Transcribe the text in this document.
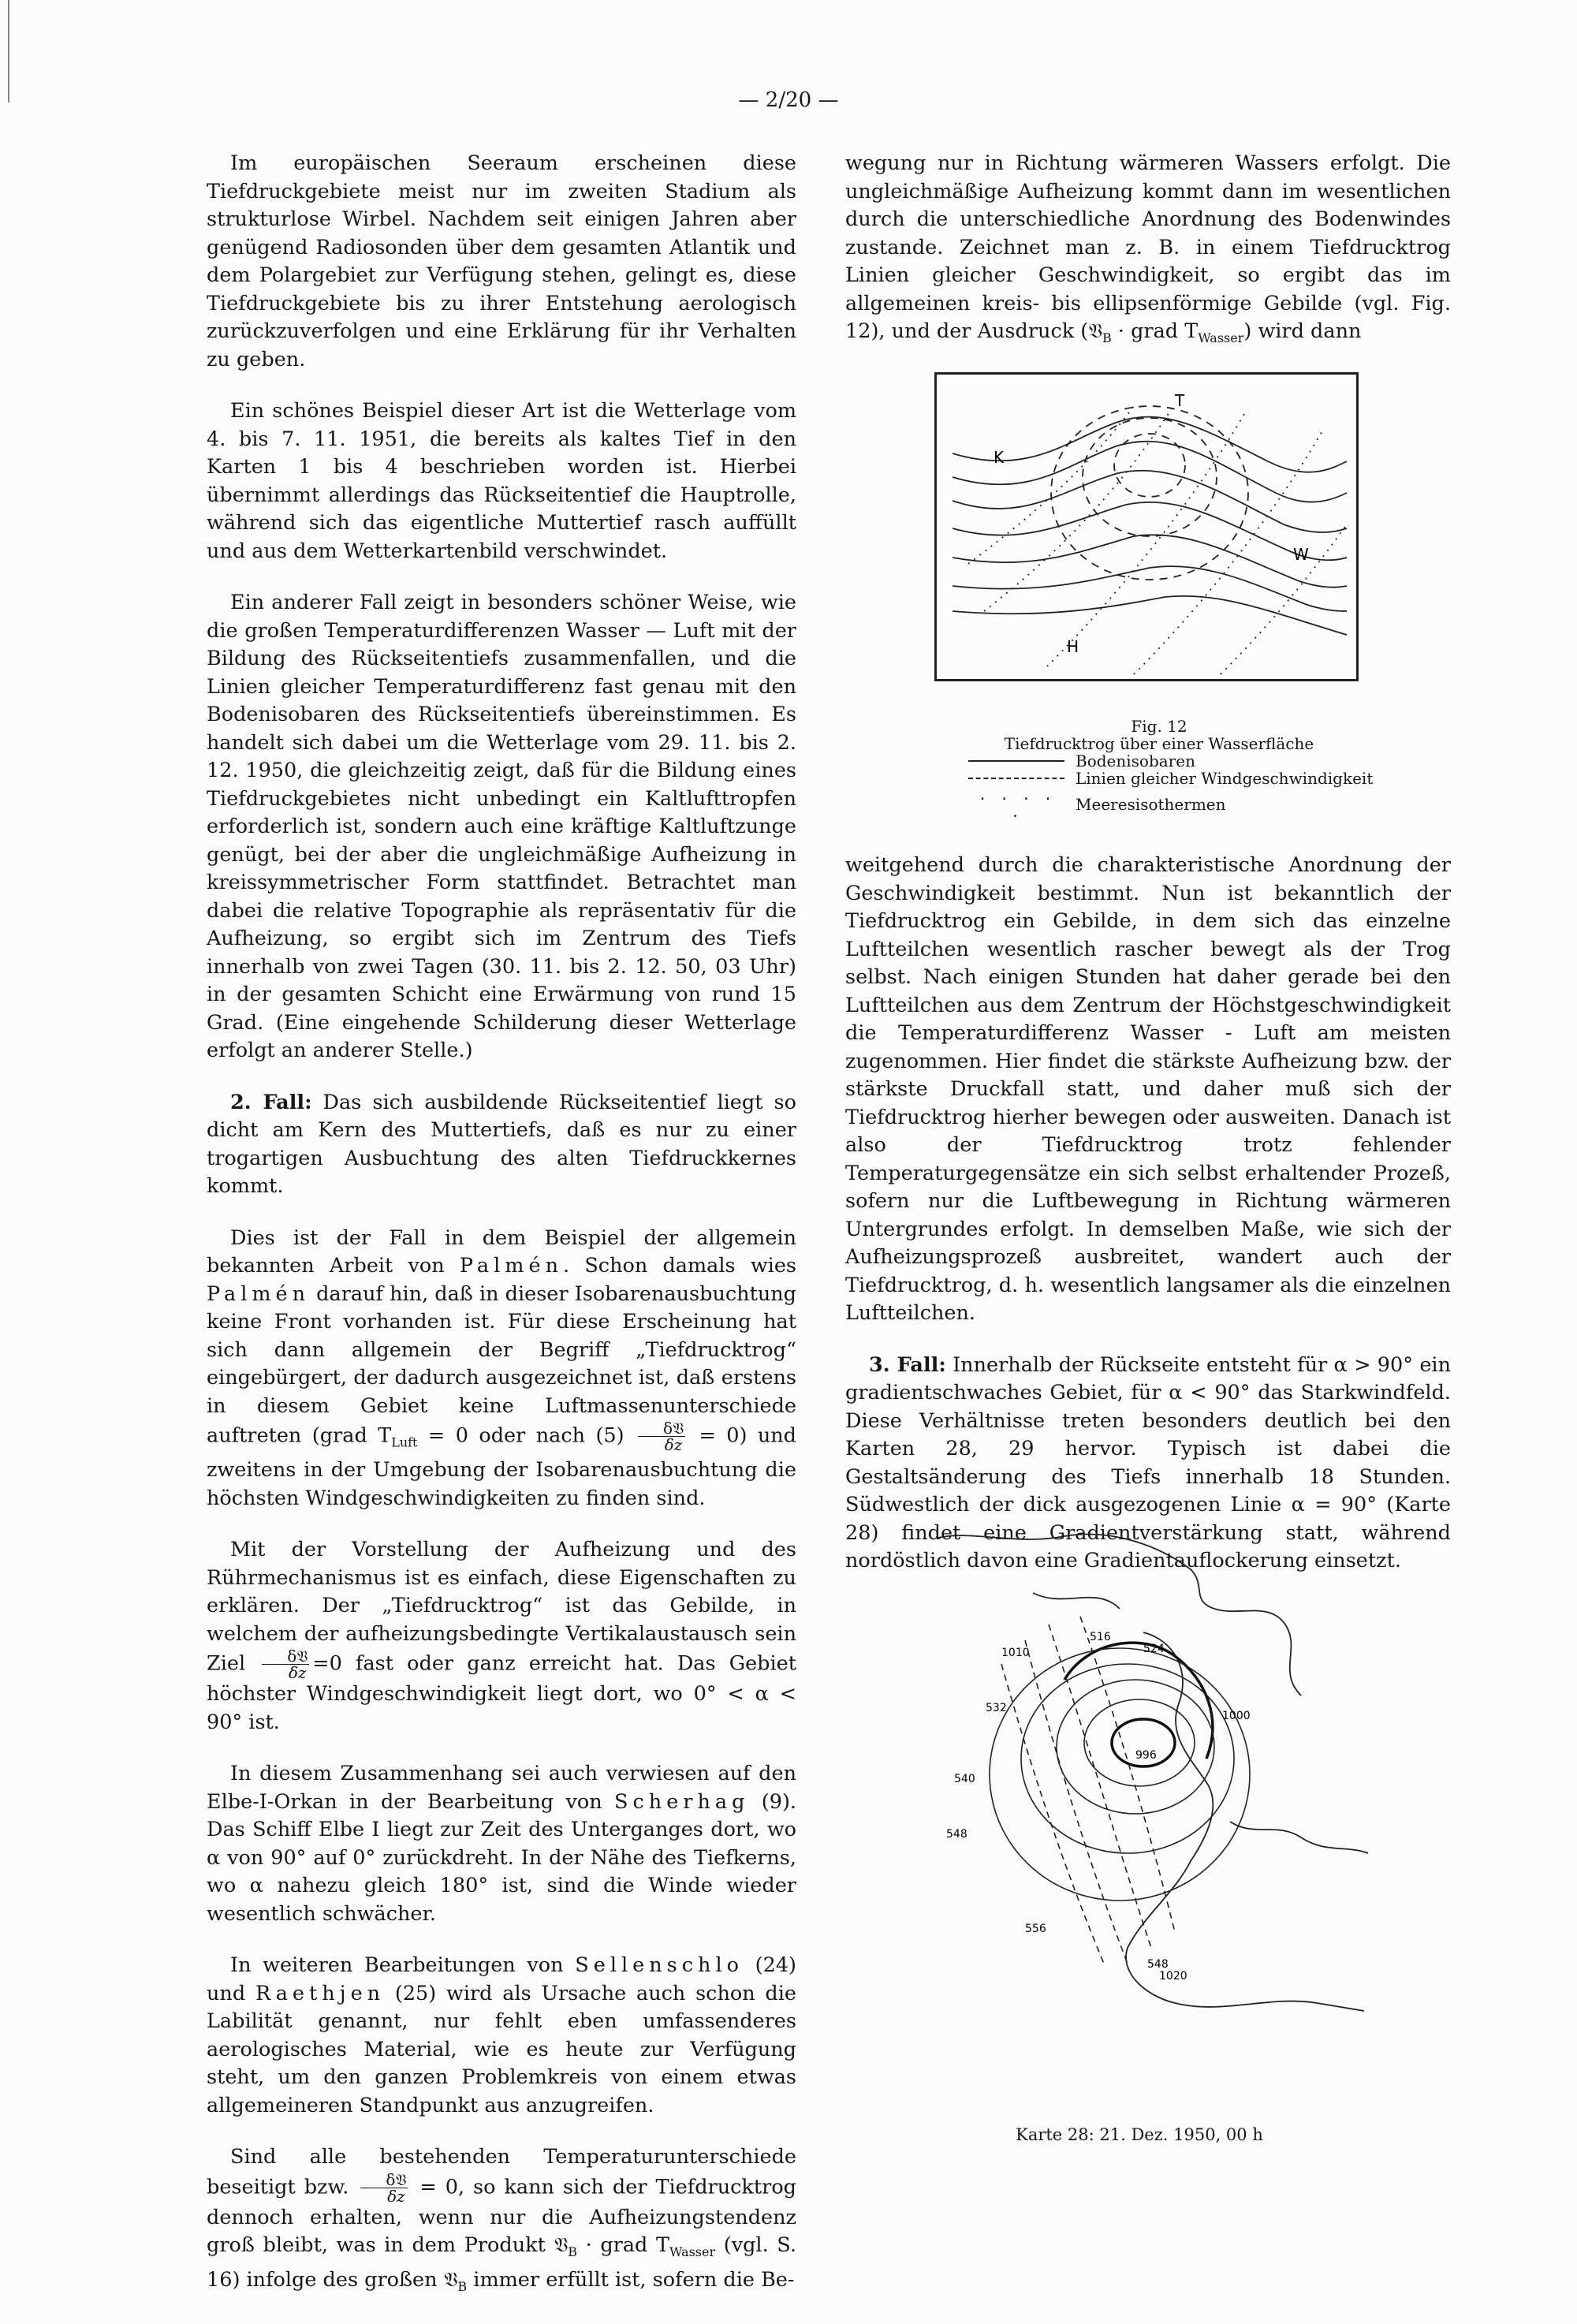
— 2/20 —

Im europäischen Seeraum erscheinen diese Tiefdruckgebiete meist nur im zweiten Stadium als strukturlose Wirbel. Nachdem seit einigen Jahren aber genügend Radiosonden über dem gesamten Atlantik und dem Polargebiet zur Verfügung stehen, gelingt es, diese Tiefdruckgebiete bis zu ihrer Entstehung aerologisch zurückzuverfolgen und eine Erklärung für ihr Verhalten zu geben.

Ein schönes Beispiel dieser Art ist die Wetterlage vom 4. bis 7. 11. 1951, die bereits als kaltes Tief in den Karten 1 bis 4 beschrieben worden ist. Hierbei übernimmt allerdings das Rückseitentief die Hauptrolle, während sich das eigentliche Muttertief rasch auffüllt und aus dem Wetterkartenbild verschwindet.

Ein anderer Fall zeigt in besonders schöner Weise, wie die großen Temperaturdifferenzen Wasser — Luft mit der Bildung des Rückseitentiefs zusammenfallen, und die Linien gleicher Temperaturdifferenz fast genau mit den Bodenisobaren des Rückseitentiefs übereinstimmen. Es handelt sich dabei um die Wetterlage vom 29. 11. bis 2. 12. 1950, die gleichzeitig zeigt, daß für die Bildung eines Tiefdruckgebietes nicht unbedingt ein Kaltlufttropfen erforderlich ist, sondern auch eine kräftige Kaltluftzunge genügt, bei der aber die ungleichmäßige Aufheizung in kreissymmetrischer Form stattfindet. Betrachtet man dabei die relative Topographie als repräsentativ für die Aufheizung, so ergibt sich im Zentrum des Tiefs innerhalb von zwei Tagen (30. 11. bis 2. 12. 50, 03 Uhr) in der gesamten Schicht eine Erwärmung von rund 15 Grad. (Eine eingehende Schilderung dieser Wetterlage erfolgt an anderer Stelle.)

2. Fall: Das sich ausbildende Rückseitentief liegt so dicht am Kern des Muttertiefs, daß es nur zu einer trogartigen Ausbuchtung des alten Tiefdruckkernes kommt.

Dies ist der Fall in dem Beispiel der allgemein bekannten Arbeit von Palmén. Schon damals wies Palmén darauf hin, daß in dieser Isobarenausbuchtung keine Front vorhanden ist. Für diese Erscheinung hat sich dann allgemein der Begriff „Tiefdrucktrog“ eingebürgert, der dadurch ausgezeichnet ist, daß erstens in diesem Gebiet keine Luftmassenunterschiede auftreten (grad $T_{Luft} = 0$ oder nach $(5) \frac{\text{δ𝔙}}{\delta z} = 0$) und zweitens in der Umgebung der Isobarenausbuchtung die höchsten Windgeschwindigkeiten zu finden sind.

Mit der Vorstellung der Aufheizung und des Rührmechanismus ist es einfach, diese Eigenschaften zu erklären. Der „Tiefdrucktrog“ ist das Gebilde, in welchem der aufheizungsbedingte Vertikalaustausch sein Ziel $\frac{\text{δ𝔙}}{\delta z} =0$ fast oder ganz erreicht hat. Das Gebiet höchster Windgeschwindigkeit liegt dort, wo 0° < α < 90° ist.

In diesem Zusammenhang sei auch verwiesen auf den Elbe-I-Orkan in der Bearbeitung von Scherhag (9). Das Schiff Elbe I liegt zur Zeit des Unterganges dort, wo α von 90° auf 0° zurückdreht. In der Nähe des Tiefkerns, wo α nahezu gleich 180° ist, sind die Winde wieder wesentlich schwächer.

In weiteren Bearbeitungen von Sellenschlo (24) und Raethjen (25) wird als Ursache auch schon die Labilität genannt, nur fehlt eben umfassenderes aerologisches Material, wie es heute zur Verfügung steht, um den ganzen Problemkreis von einem etwas allgemeineren Standpunkt aus anzugreifen.

Sind alle bestehenden Temperaturunterschiede beseitigt bzw. $\frac{\text{δ𝔙}}{\delta z} = 0$, so kann sich der Tiefdrucktrog dennoch erhalten, wenn nur die Aufheizungstendenz groß bleibt, was in dem Produkt 𝔙$_B$ · grad $T_{Wasser}$ (vgl. S. 16) infolge des großen 𝔙$_B$ immer erfüllt ist, sofern die Be-

wegung nur in Richtung wärmeren Wassers erfolgt. Die ungleichmäßige Aufheizung kommt dann im wesentlichen durch die unterschiedliche Anordnung des Bodenwindes zustande. Zeichnet man z. B. in einem Tiefdrucktrog Linien gleicher Geschwindigkeit, so ergibt das im allgemeinen kreis- bis ellipsenförmige Gebilde (vgl. Fig. 12), und der Ausdruck (𝔙$_B$ · grad $T_{Wasser}$) wird dann

T
K
W
H
Fig. 12
Tiefdrucktrog über einer Wasserfläche
Bodenisobaren
Linien gleicher Windgeschwindigkeit
. . . . .	Meeresisothermen

weitgehend durch die charakteristische Anordnung der Geschwindigkeit bestimmt. Nun ist bekanntlich der Tiefdrucktrog ein Gebilde, in dem sich das einzelne Luftteilchen wesentlich rascher bewegt als der Trog selbst. Nach einigen Stunden hat daher gerade bei den Luftteilchen aus dem Zentrum der Höchstgeschwindigkeit die Temperaturdifferenz Wasser - Luft am meisten zugenommen. Hier findet die stärkste Aufheizung bzw. der stärkste Druckfall statt, und daher muß sich der Tiefdrucktrog hierher bewegen oder ausweiten. Danach ist also der Tiefdrucktrog trotz fehlender Temperaturgegensätze ein sich selbst erhaltender Prozeß, sofern nur die Luftbewegung in Richtung wärmeren Untergrundes erfolgt. In demselben Maße, wie sich der Aufheizungsprozeß ausbreitet, wandert auch der Tiefdrucktrog, d. h. wesentlich langsamer als die einzelnen Luftteilchen.

3. Fall: Innerhalb der Rückseite entsteht für α > 90° ein gradientschwaches Gebiet, für α < 90° das Starkwindfeld. Diese Verhältnisse treten besonders deutlich bei den Karten 28, 29 hervor. Typisch ist dabei die Gestaltsänderung des Tiefs innerhalb 18 Stunden. Südwestlich der dick ausgezogenen Linie α = 90° (Karte 28) findet eine Gradientverstärkung statt, während nordöstlich davon eine Gradientauflockerung einsetzt.

1010
516
524
532
540
548
556
1000
1020
996
548
Karte 28: 21. Dez. 1950, 00 h
